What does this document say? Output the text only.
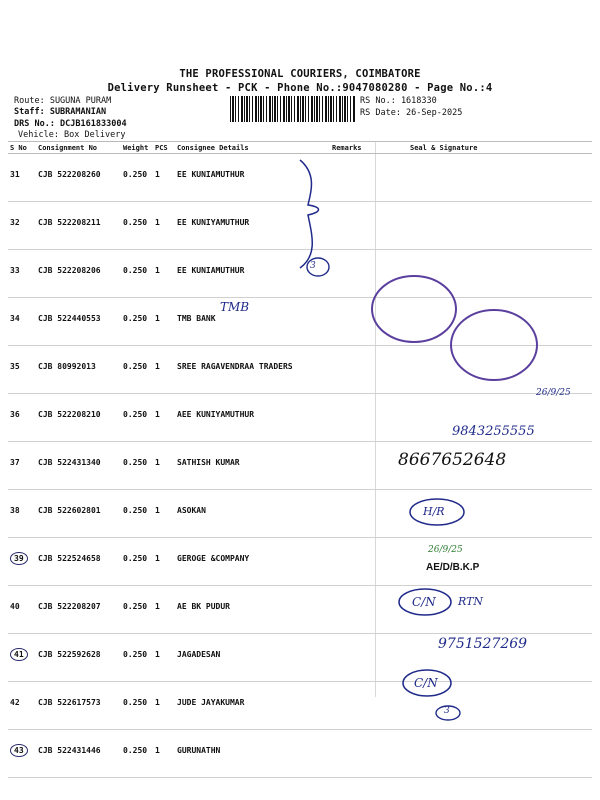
THE PROFESSIONAL COURIERS, COIMBATORE
Delivery Runsheet - PCK - Phone No.:9047080280 - Page No.:4
Route: SUGUNA PURAM
Staff: SUBRAMANIAN
DRS No.: DCJB161833004
Vehicle: Box Delivery
RS No.: 1618330
RS Date: 26-Sep-2025
S No	Consignment No	Weight	PCS	Consignee Details	Remarks	Seal & Signature
31	CJB 522208260	0.250	1	EE KUNIAMUTHUR		
32	CJB 522208211	0.250	1	EE KUNIYAMUTHUR		
33	CJB 522208206	0.250	1	EE KUNIAMUTHUR		
34	CJB 522440553	0.250	1	TMB BANK		
35	CJB 80992013	0.250	1	SREE RAGAVENDRAA TRADERS		
36	CJB 522208210	0.250	1	AEE KUNIYAMUTHUR		
37	CJB 522431340	0.250	1	SATHISH KUMAR		
38	CJB 522602801	0.250	1	ASOKAN		
39	CJB 522524658	0.250	1	GEROGE &COMPANY		
40	CJB 522208207	0.250	1	AE BK PUDUR		
41	CJB 522592628	0.250	1	JAGADESAN		
42	CJB 522617573	0.250	1	JUDE JAYAKUMAR		
43	CJB 522431446	0.250	1	GURUNATHN		
3
TMB
26/9/25
9843255555
8667652648
H/R
26/9/25
AE/D/B.K.P
C/N RTN
9751527269
C/N
3
